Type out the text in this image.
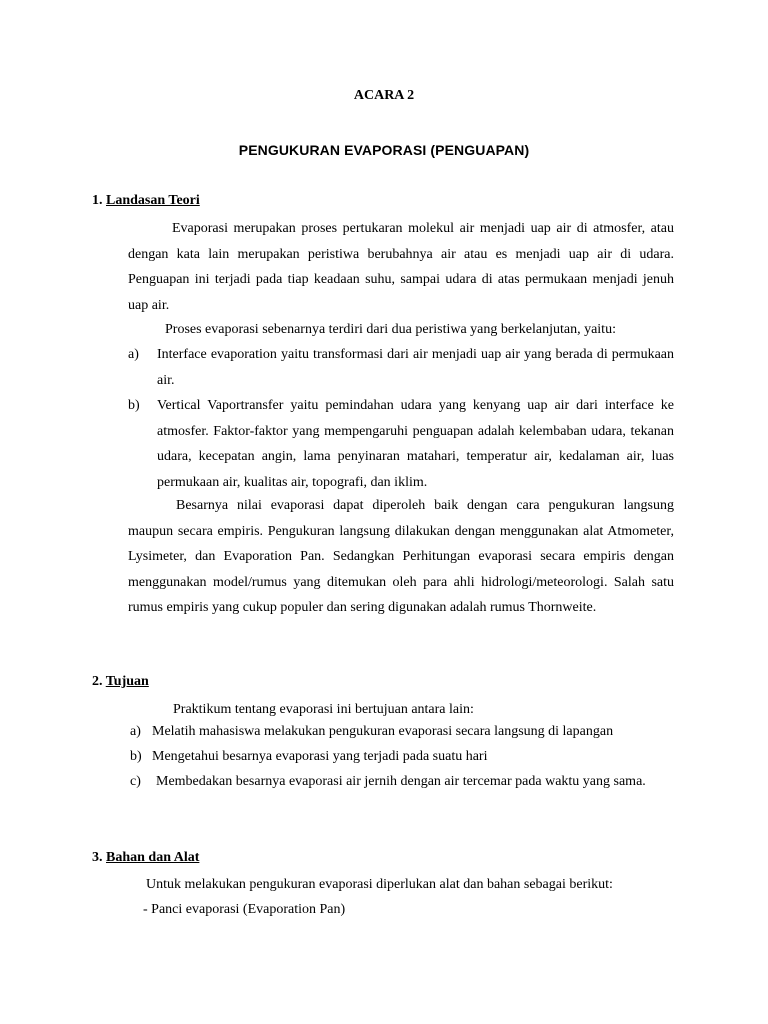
ACARA 2
PENGUKURAN EVAPORASI (PENGUAPAN)
1. Landasan Teori
Evaporasi merupakan proses pertukaran molekul air menjadi uap air di atmosfer, atau dengan kata lain merupakan peristiwa berubahnya air atau es menjadi uap air di udara. Penguapan ini terjadi pada tiap keadaan suhu, sampai udara di atas permukaan menjadi jenuh uap air.
Proses evaporasi sebenarnya terdiri dari dua peristiwa yang berkelanjutan, yaitu:
a) Interface evaporation yaitu transformasi dari air menjadi uap air yang berada di permukaan air.
b) Vertical Vaportransfer yaitu pemindahan udara yang kenyang uap air dari interface ke atmosfer. Faktor-faktor yang mempengaruhi penguapan adalah kelembaban udara, tekanan udara, kecepatan angin, lama penyinaran matahari, temperatur air, kedalaman air, luas permukaan air, kualitas air, topografi, dan iklim.
Besarnya nilai evaporasi dapat diperoleh baik dengan cara pengukuran langsung maupun secara empiris. Pengukuran langsung dilakukan dengan menggunakan alat Atmometer, Lysimeter, dan Evaporation Pan. Sedangkan Perhitungan evaporasi secara empiris dengan menggunakan model/rumus yang ditemukan oleh para ahli hidrologi/meteorologi. Salah satu rumus empiris yang cukup populer dan sering digunakan adalah rumus Thornweite.
2. Tujuan
Praktikum tentang evaporasi ini bertujuan antara lain:
a) Melatih mahasiswa melakukan pengukuran evaporasi secara langsung di lapangan
b) Mengetahui besarnya evaporasi yang terjadi pada suatu hari
c) Membedakan besarnya evaporasi air jernih dengan air tercemar pada waktu yang sama.
3. Bahan dan Alat
Untuk melakukan pengukuran evaporasi diperlukan alat dan bahan sebagai berikut:
- Panci evaporasi (Evaporation Pan)
